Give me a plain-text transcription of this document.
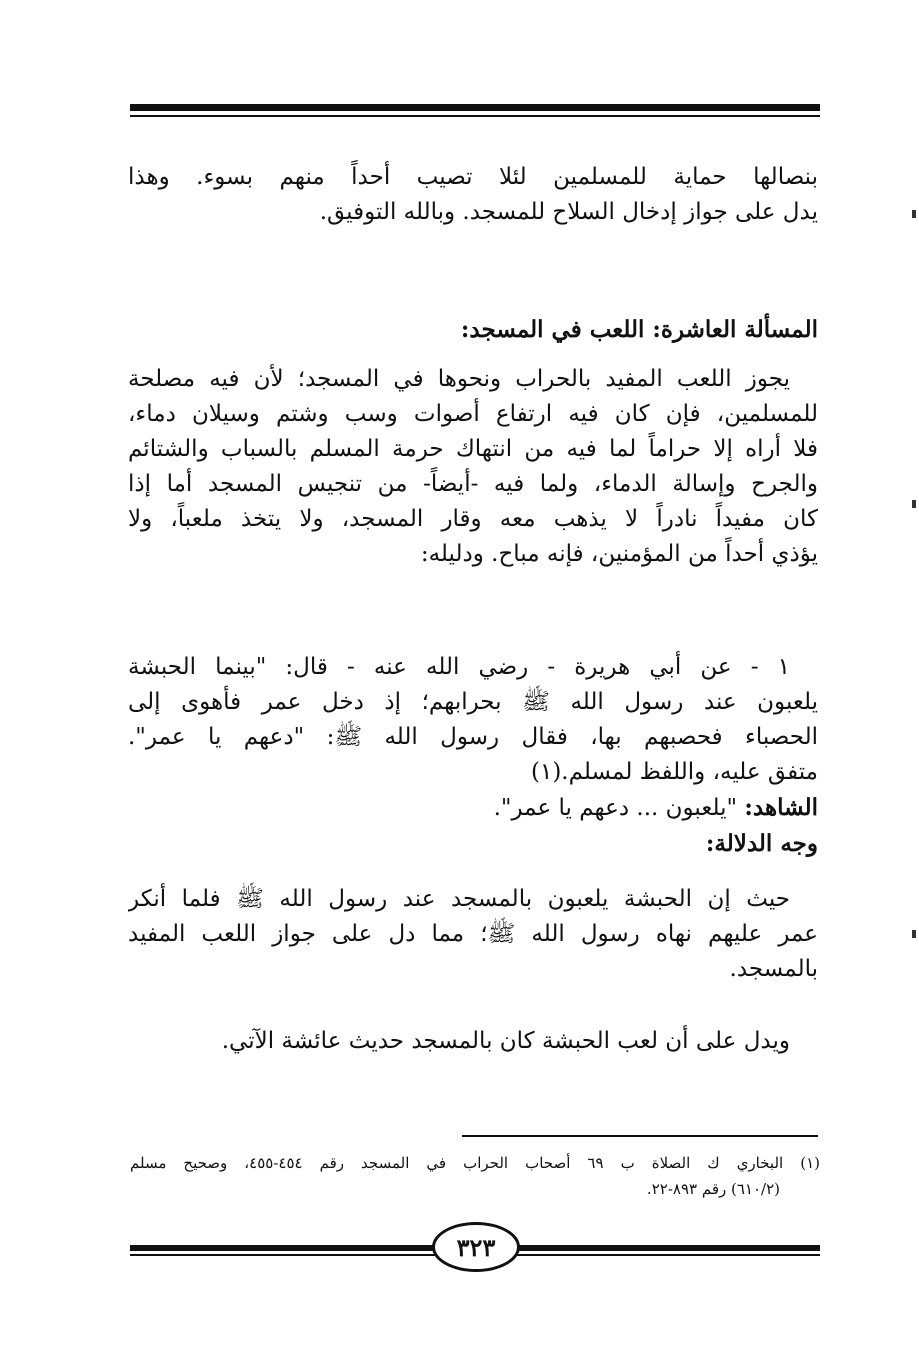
بنصالها حماية للمسلمين لئلا تصيب أحداً منهم بسوء. وهذا
يدل على جواز إدخال السلاح للمسجد. وبالله التوفيق.
المسألة العاشرة: اللعب في المسجد:
يجوز اللعب المفيد بالحراب ونحوها في المسجد؛ لأن فيه مصلحة
للمسلمين، فإن كان فيه ارتفاع أصوات وسب وشتم وسيلان دماء،
فلا أراه إلا حراماً لما فيه من انتهاك حرمة المسلم بالسباب والشتائم
والجرح وإسالة الدماء، ولما فيه -أيضاً- من تنجيس المسجد أما إذا
كان مفيداً نادراً لا يذهب معه وقار المسجد، ولا يتخذ ملعباً، ولا
يؤذي أحداً من المؤمنين، فإنه مباح. ودليله:
١ - عن أبي هريرة - رضي الله عنه - قال: "بينما الحبشة
يلعبون عند رسول الله ﷺ بحرابهم؛ إذ دخل عمر فأهوى إلى
الحصباء فحصبهم بها، فقال رسول الله ﷺ: "دعهم يا عمر".
متفق عليه، واللفظ لمسلم.(١)
الشاهد: "يلعبون ... دعهم يا عمر".
وجه الدلالة:
حيث إن الحبشة يلعبون بالمسجد عند رسول الله ﷺ فلما أنكر
عمر عليهم نهاه رسول الله ﷺ؛ مما دل على جواز اللعب المفيد
بالمسجد.
ويدل على أن لعب الحبشة كان بالمسجد حديث عائشة الآتي.
(١) البخاري ك الصلاة ب ٦٩ أصحاب الحراب في المسجد رقم ٤٥٤-٤٥٥، وصحيح مسلم
(٦١٠/٢) رقم ٨٩٣-٢٢.
٣٢٣
